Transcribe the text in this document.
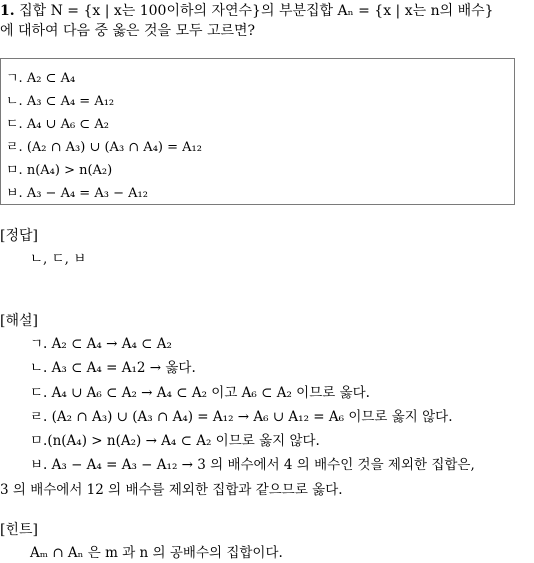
1. 집합 N = {x | x는 100이하의 자연수}의 부분집합 Aₙ = {x | x는 n의 배수}
에 대하여 다음 중 옳은 것을 모두 고르면?
ㄱ. A₂ ⊂ A₄
ㄴ. A₃ ⊂ A₄ = A₁₂
ㄷ. A₄ ∪ A₆ ⊂ A₂
ㄹ. (A₂ ∩ A₃) ∪ (A₃ ∩ A₄) = A₁₂
ㅁ. n(A₄) > n(A₂)
ㅂ. A₃ − A₄ = A₃ − A₁₂
[정답]
ㄴ, ㄷ, ㅂ
[해설]
ㄱ. A₂ ⊂ A₄ → A₄ ⊂ A₂
ㄴ. A₃ ⊂ A₄ = A₁2 → 옳다.
ㄷ. A₄ ∪ A₆ ⊂ A₂ → A₄ ⊂ A₂ 이고 A₆ ⊂ A₂ 이므로 옳다.
ㄹ. (A₂ ∩ A₃) ∪ (A₃ ∩ A₄) = A₁₂ → A₆ ∪ A₁₂ = A₆ 이므로 옳지 않다.
ㅁ.(n(A₄) > n(A₂) → A₄ ⊂ A₂ 이므로 옳지 않다.
ㅂ. A₃ − A₄ = A₃ − A₁₂ → 3 의 배수에서 4 의 배수인 것을 제외한 집합은,
3 의 배수에서 12 의 배수를 제외한 집합과 같으므로 옳다.
[힌트]
Aₘ ∩ Aₙ 은 m 과 n 의 공배수의 집합이다.
